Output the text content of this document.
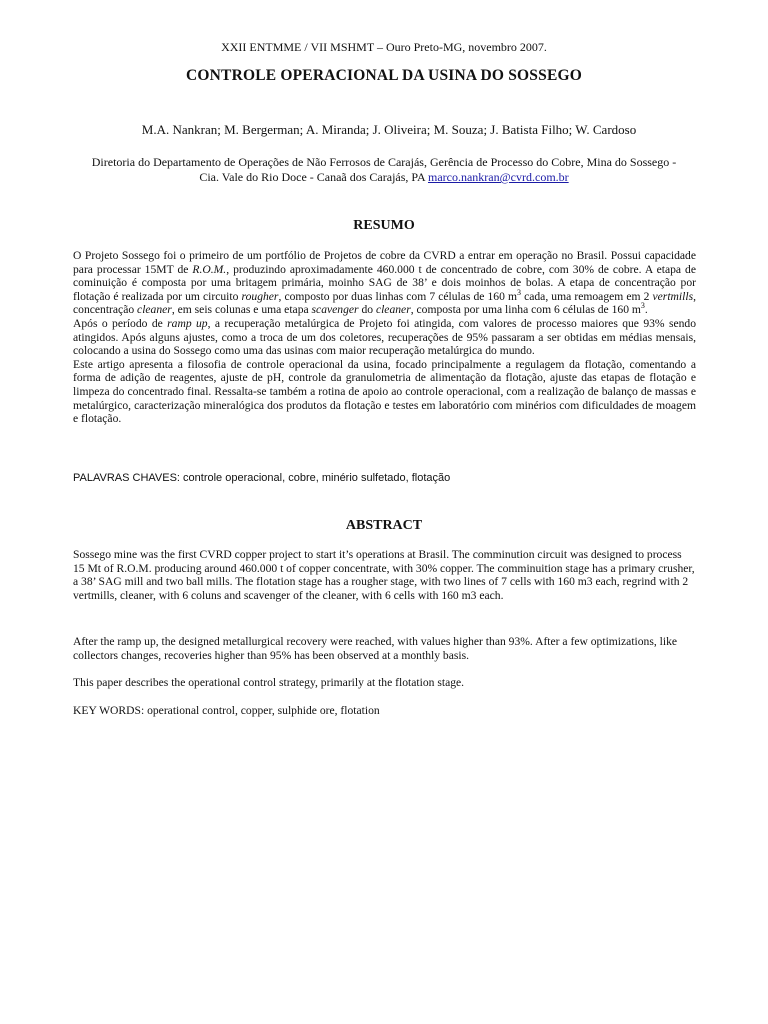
XXII ENTMME / VII MSHMT – Ouro Preto-MG, novembro 2007.
CONTROLE OPERACIONAL DA USINA DO SOSSEGO
M.A. Nankran; M. Bergerman; A. Miranda; J. Oliveira; M. Souza; J. Batista Filho; W. Cardoso
Diretoria do Departamento de Operações de Não Ferrosos de Carajás, Gerência de Processo do Cobre, Mina do Sossego -
Cia. Vale do Rio Doce - Canaã dos Carajás, PA marco.nankran@cvrd.com.br
RESUMO

O Projeto Sossego foi o primeiro de um portfólio de Projetos de cobre da CVRD a entrar em operação no Brasil. Possui capacidade para processar 15MT de R.O.M., produzindo aproximadamente 460.000 t de concentrado de cobre, com 30% de cobre. A etapa de cominuição é composta por uma britagem primária, moinho SAG de 38’ e dois moinhos de bolas. A etapa de concentração por flotação é realizada por um circuito rougher, composto por duas linhas com 7 células de 160 $m^3$ cada, uma remoagem em 2 vertmills, concentração cleaner, em seis colunas e uma etapa scavenger do cleaner, composta por uma linha com 6 células de 160 $m^3$.

Após o período de ramp up, a recuperação metalúrgica de Projeto foi atingida, com valores de processo maiores que 93% sendo atingidos. Após alguns ajustes, como a troca de um dos coletores, recuperações de 95% passaram a ser obtidas em médias mensais, colocando a usina do Sossego como uma das usinas com maior recuperação metalúrgica do mundo.

Este artigo apresenta a filosofia de controle operacional da usina, focado principalmente a regulagem da flotação, comentando a forma de adição de reagentes, ajuste de pH, controle da granulometria de alimentação da flotação, ajuste das etapas de flotação e limpeza do concentrado final. Ressalta-se também a rotina de apoio ao controle operacional, com a realização de balanço de massas e metalúrgico, caracterização mineralógica dos produtos da flotação e testes em laboratório com minérios com dificuldades de moagem e flotação.

PALAVRAS CHAVES: controle operacional, cobre, minério sulfetado, flotação
ABSTRACT
Sossego mine was the first CVRD copper project to start it’s operations at Brasil. The comminution circuit was designed to process 15 Mt of R.O.M. producing around 460.000 t of copper concentrate, with 30% copper. The comminuition stage has a primary crusher, a 38’ SAG mill and two ball mills. The flotation stage has a rougher stage, with two lines of 7 cells with 160 m3 each, regrind with 2 vertmills, cleaner, with 6 coluns and scavenger of the cleaner, with 6 cells with 160 m3 each.
After the ramp up, the designed metallurgical recovery were reached, with values higher than 93%. After a few optimizations, like collectors changes, recoveries higher than 95% has been observed at a monthly basis.
This paper describes the operational control strategy, primarily at the flotation stage.
KEY WORDS: operational control, copper, sulphide ore, flotation
